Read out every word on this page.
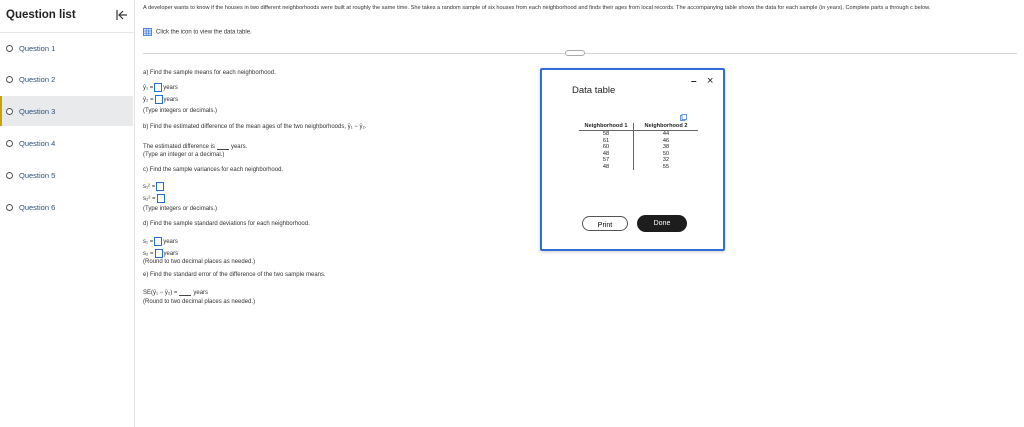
Question list
Question 1
Question 2
Question 3
Question 4
Question 5
Question 6
A developer wants to know if the houses in two different neighborhoods were built at roughly the same time. She takes a random sample of six houses from each neighborhood and finds their ages from local records. The accompanying table shows the data for each sample (in years). Complete parts a through c below.
Click the icon to view the data table.
a) Find the sample means for each neighborhood.
ȳ₁ = years
ȳ₂ = years
(Type integers or decimals.)
b) Find the estimated difference of the mean ages of the two neighborhoods, ȳ₁ − ȳ₂.
The estimated difference is	years.
(Type an integer or a decimal.)
c) Find the sample variances for each neighborhood.
s₁² =
s₂² =
(Type integers or decimals.)
d) Find the sample standard deviations for each neighborhood.
s₁ = years
s₂ = years
(Round to two decimal places as needed.)
e) Find the standard error of the difference of the two sample means.
SE(ȳ₁ − ȳ₂) =	years
(Round to two decimal places as needed.)
Data table
– ×
Neighborhood 1	Neighborhood 2
58	44
61	46
60	38
48	50
57	32
48	55
Print	Done
